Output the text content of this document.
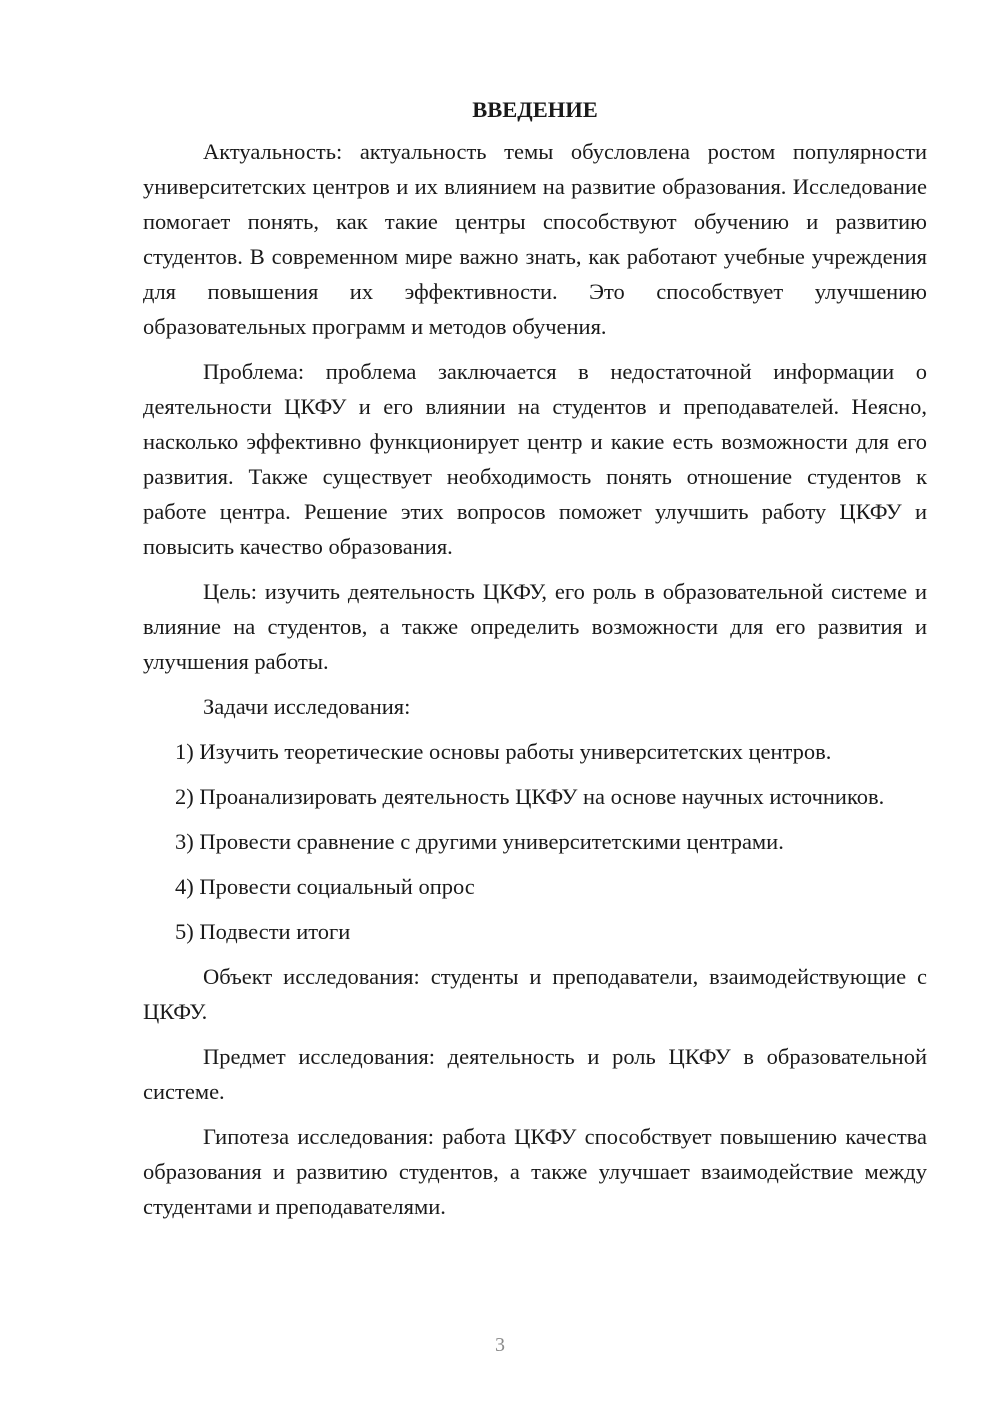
ВВЕДЕНИЕ

Актуальность: актуальность темы обусловлена ростом популярности университетских центров и их влиянием на развитие образования. Исследование помогает понять, как такие центры способствуют обучению и развитию студентов. В современном мире важно знать, как работают учебные учреждения для повышения их эффективности. Это способствует улучшению образовательных программ и методов обучения.

Проблема: проблема заключается в недостаточной информации о деятельности ЦКФУ и его влиянии на студентов и преподавателей. Неясно, насколько эффективно функционирует центр и какие есть возможности для его развития. Также существует необходимость понять отношение студентов к работе центра. Решение этих вопросов поможет улучшить работу ЦКФУ и повысить качество образования.

Цель: изучить деятельность ЦКФУ, его роль в образовательной системе и влияние на студентов, а также определить возможности для его развития и улучшения работы.

Задачи исследования:

1) Изучить теоретические основы работы университетских центров.

2) Проанализировать деятельность ЦКФУ на основе научных источников.

3) Провести сравнение с другими университетскими центрами.

4) Провести социальный опрос

5) Подвести итоги

Объект исследования: студенты и преподаватели, взаимодействующие с ЦКФУ.

Предмет исследования: деятельность и роль ЦКФУ в образовательной системе.

Гипотеза исследования: работа ЦКФУ способствует повышению качества образования и развитию студентов, а также улучшает взаимодействие между студентами и преподавателями.

3
